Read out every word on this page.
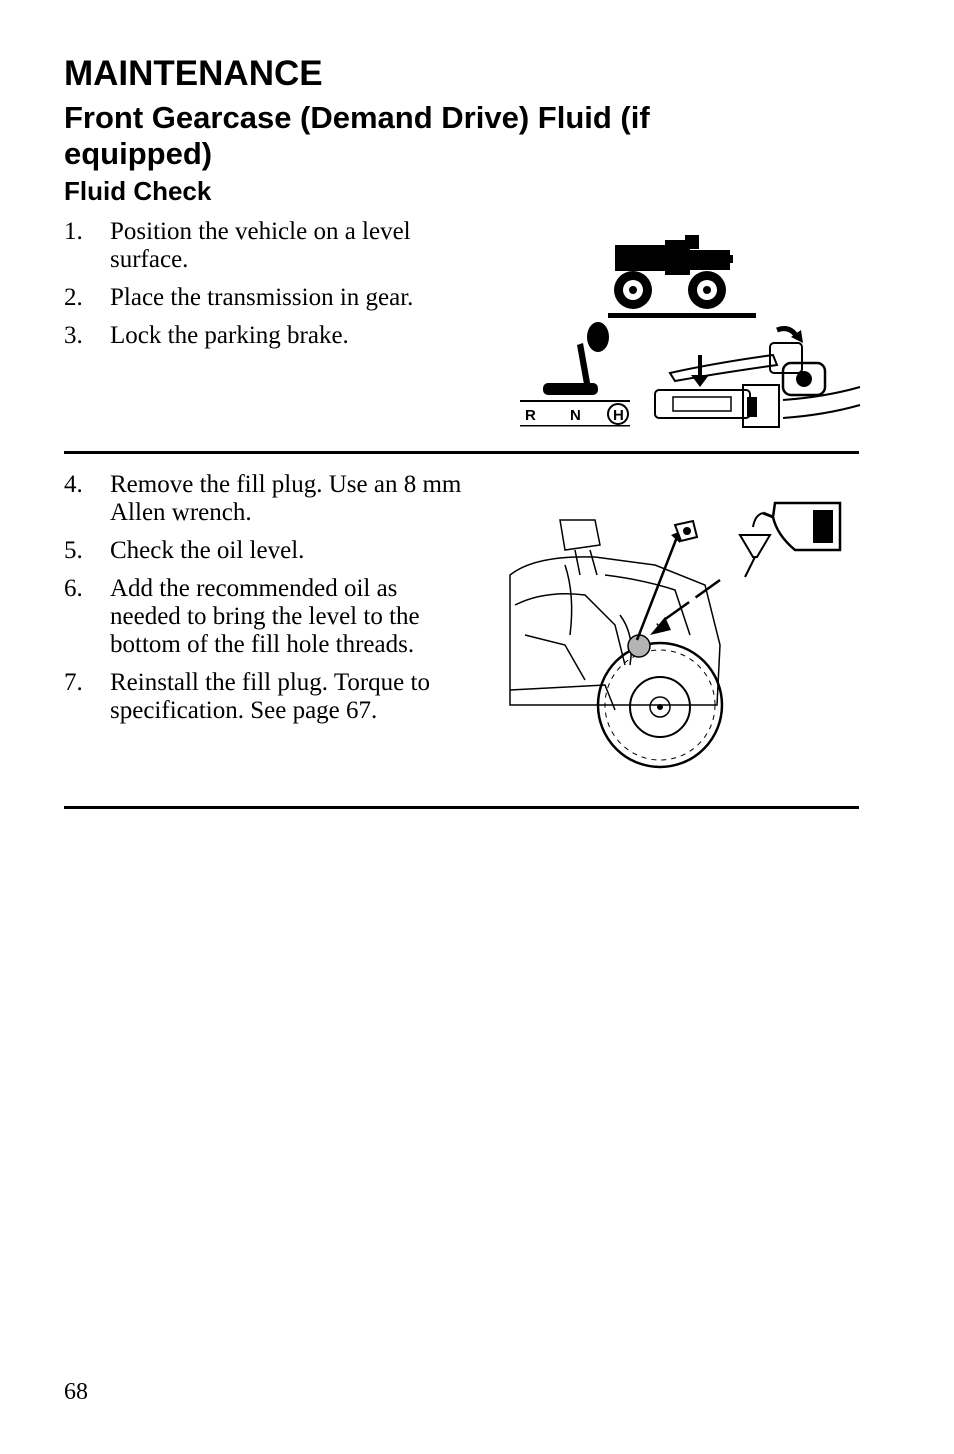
MAINTENANCE
Front Gearcase (Demand Drive) Fluid (if equipped)
Fluid Check
1. Position the vehicle on a level surface.
2. Place the transmission in gear.
3. Lock the parking brake.
R N H
4. Remove the fill plug. Use an 8 mm Allen wrench.
5. Check the oil level.
6. Add the recommended oil as needed to bring the level to the bottom of the fill hole threads.
7. Reinstall the fill plug. Torque to specification. See page 67.
68
